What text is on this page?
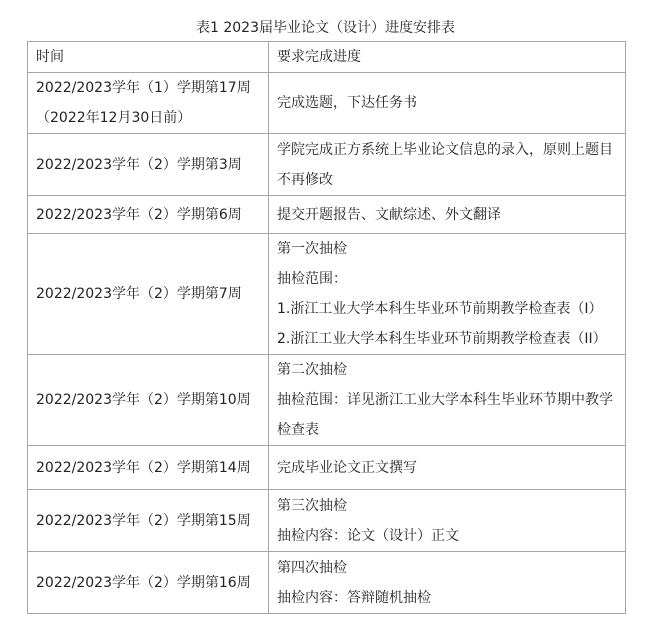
表1 2023届毕业论文（设计）进度安排表
时间	要求完成进度

2022/2023学年（1）学期第17周
（2022年12月30日前）	完成选题，下达任务书

2022/2023学年（2）学期第3周	学院完成正方系统上毕业论文信息的录入，原则上题目不再修改

2022/2023学年（2）学期第6周	提交开题报告、文献综述、外文翻译

2022/2023学年（2）学期第7周	第一次抽检
抽检范围：
1.浙江工业大学本科生毕业环节前期教学检查表（I）
2.浙江工业大学本科生毕业环节前期教学检查表（II）

2022/2023学年（2）学期第10周	第二次抽检
抽检范围：详见浙江工业大学本科生毕业环节期中教学检查表

2022/2023学年（2）学期第14周	完成毕业论文正文撰写

2022/2023学年（2）学期第15周	第三次抽检
抽检内容：论文（设计）正文

2022/2023学年（2）学期第16周	第四次抽检
抽检内容：答辩随机抽检
